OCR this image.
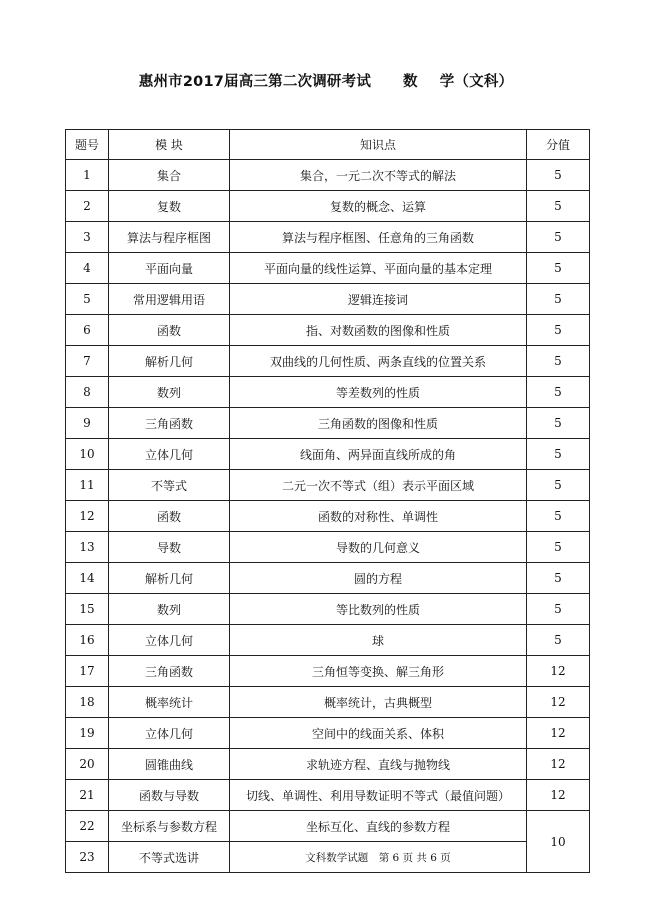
惠州市2017届高三第二次调研考试 数 学（文科）
题号	模 块	知识点	分值
1	集合	集合，一元二次不等式的解法	5
2	复数	复数的概念、运算	5
3	算法与程序框图	算法与程序框图、任意角的三角函数	5
4	平面向量	平面向量的线性运算、平面向量的基本定理	5
5	常用逻辑用语	逻辑连接词	5
6	函数	指、对数函数的图像和性质	5
7	解析几何	双曲线的几何性质、两条直线的位置关系	5
8	数列	等差数列的性质	5
9	三角函数	三角函数的图像和性质	5
10	立体几何	线面角、两异面直线所成的角	5
11	不等式	二元一次不等式（组）表示平面区域	5
12	函数	函数的对称性、单调性	5
13	导数	导数的几何意义	5
14	解析几何	圆的方程	5
15	数列	等比数列的性质	5
16	立体几何	球	5
17	三角函数	三角恒等变换、解三角形	12
18	概率统计	概率统计，古典概型	12
19	立体几何	空间中的线面关系、体积	12
20	圆锥曲线	求轨迹方程、直线与抛物线	12
21	函数与导数	切线、单调性、利用导数证明不等式（最值问题）	12
22	坐标系与参数方程	坐标互化、直线的参数方程	10
23	不等式选讲	文科数学试题　第 6 页 共 6 页	
